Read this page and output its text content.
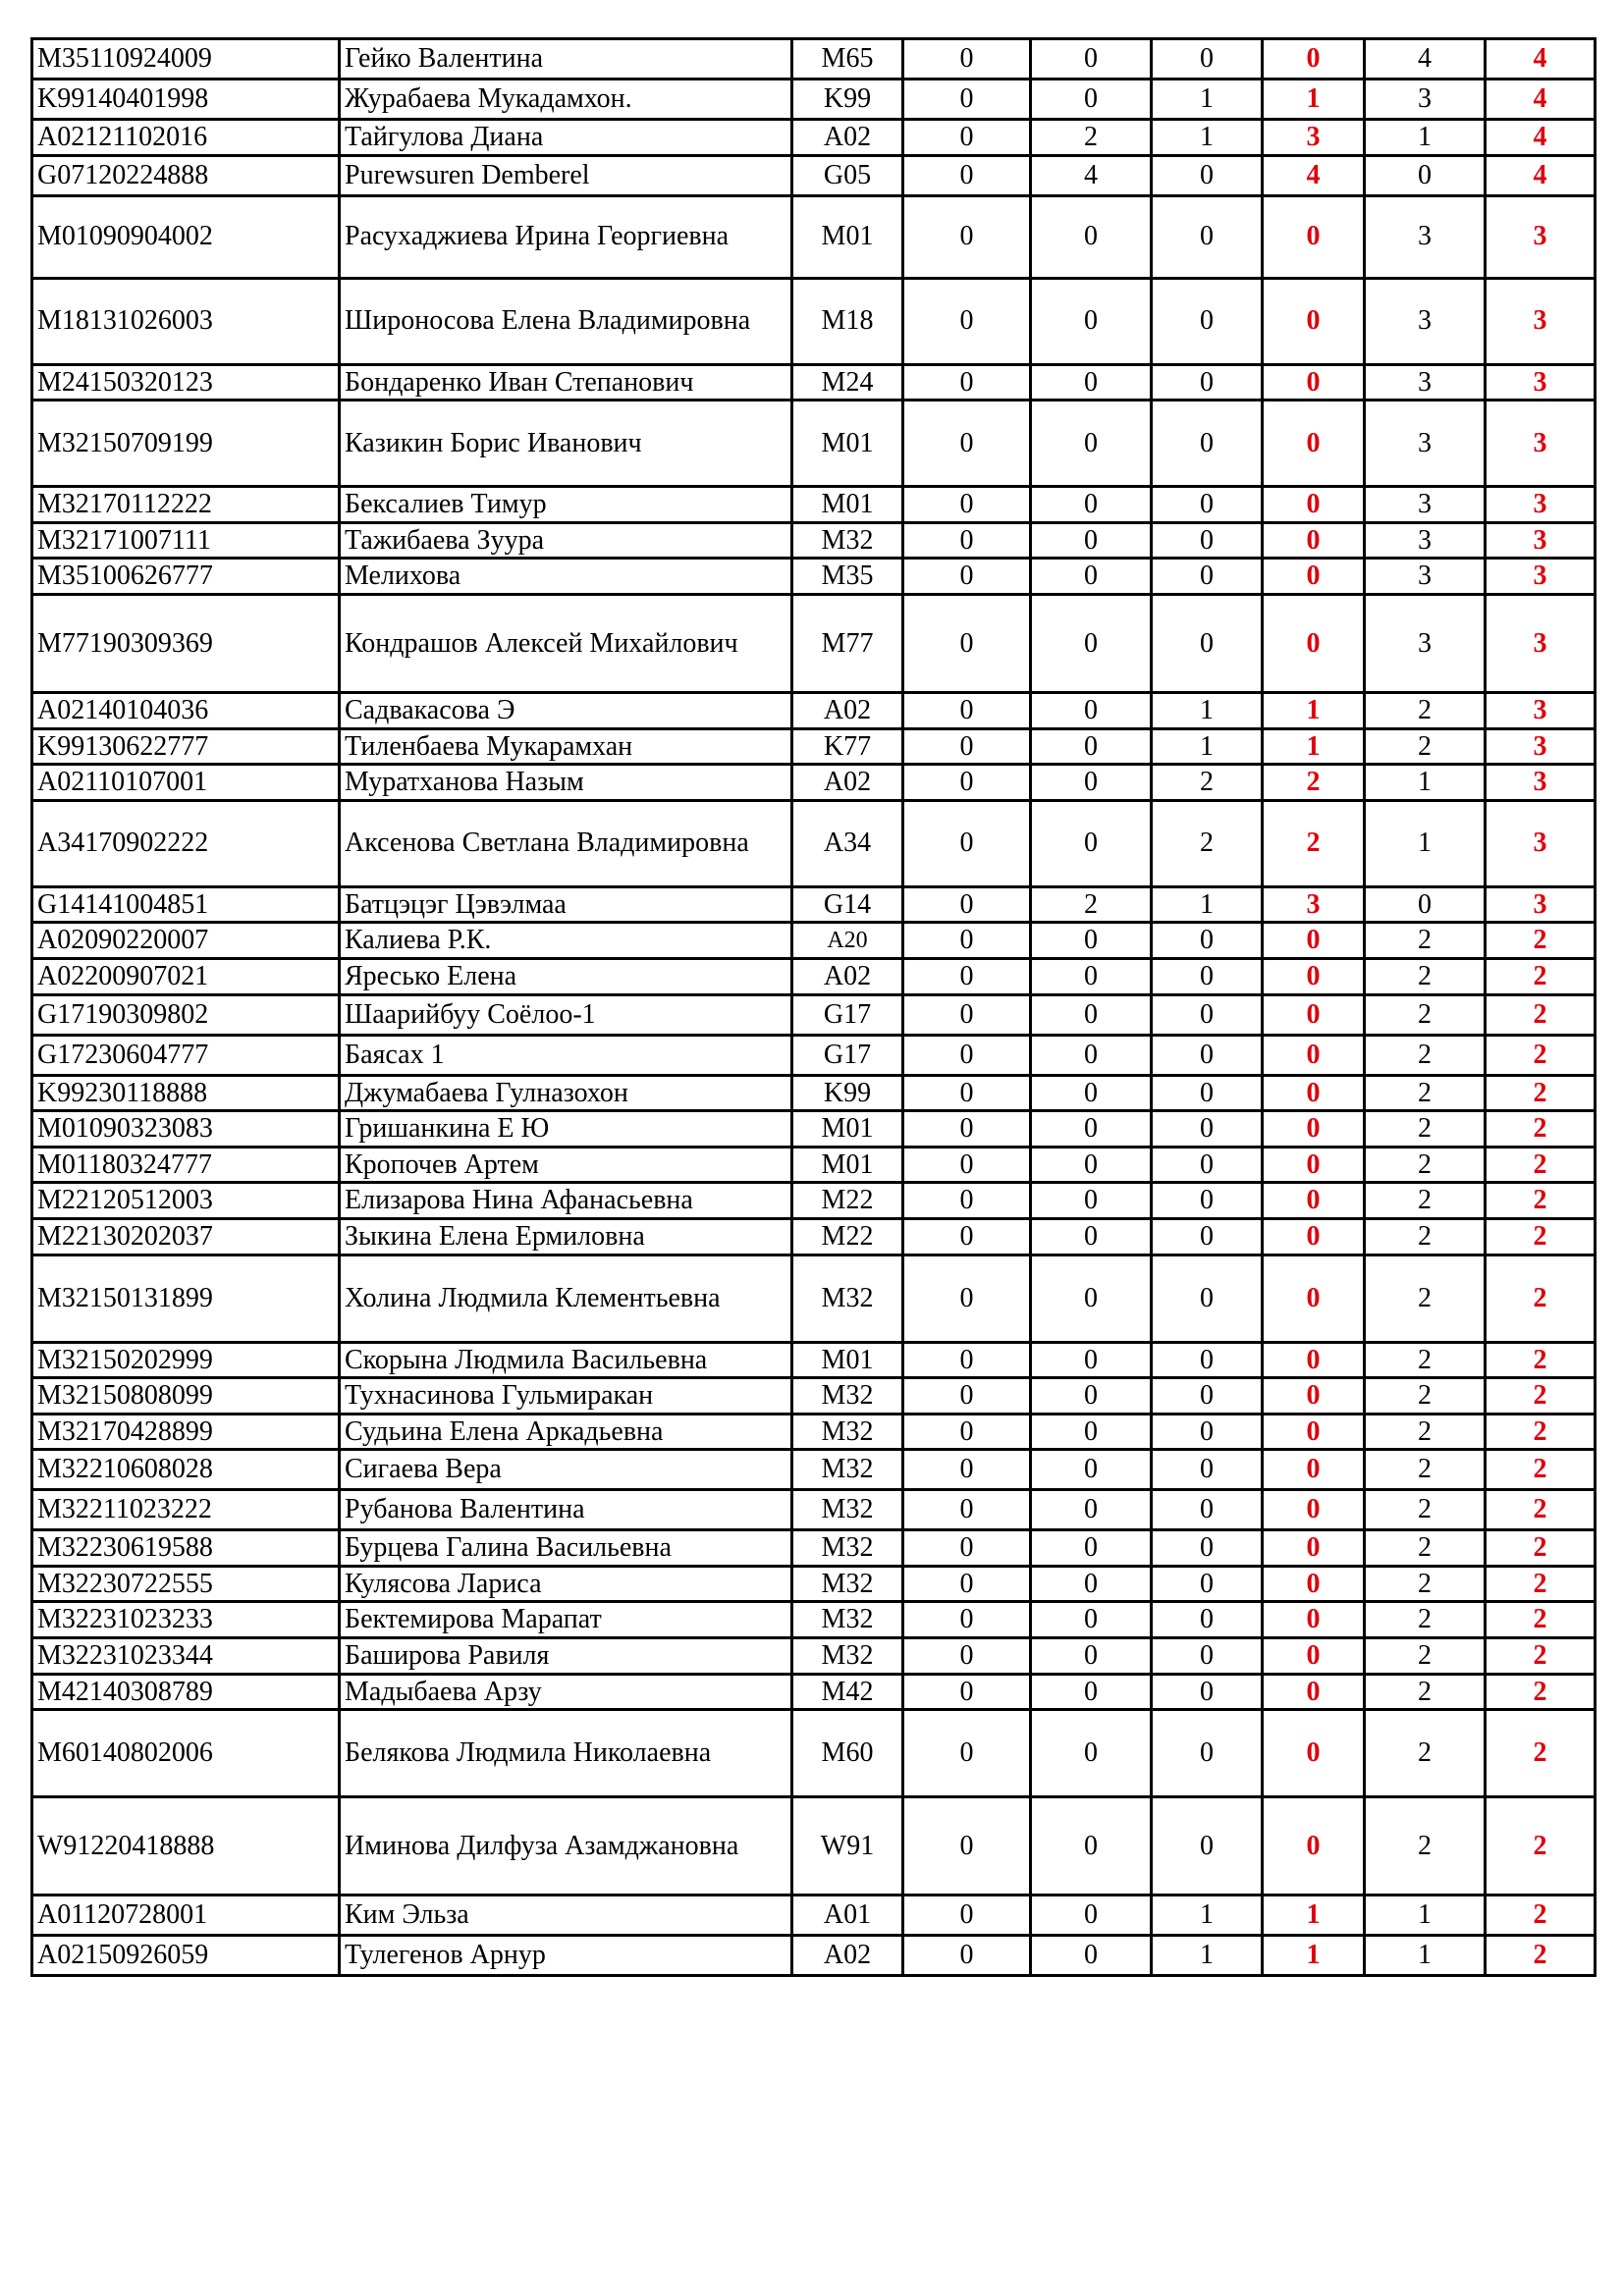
M35110924009	Гейко Валентина	M65	0	0	0	0	4	4
K99140401998	Журабаева Мукадамхон.	K99	0	0	1	1	3	4
A02121102016	Тайгулова Диана	A02	0	2	1	3	1	4
G07120224888	Purewsuren Demberel	G05	0	4	0	4	0	4
M01090904002	Расухаджиева Ирина Георгиевна	M01	0	0	0	0	3	3
M18131026003	Широносова Елена Владимировна	M18	0	0	0	0	3	3
M24150320123	Бондаренко Иван Степанович	M24	0	0	0	0	3	3
M32150709199	Казикин Борис Иванович	M01	0	0	0	0	3	3
M32170112222	Бексалиев Тимур	M01	0	0	0	0	3	3
M32171007111	Тажибаева Зуура	M32	0	0	0	0	3	3
M35100626777	Мелихова	M35	0	0	0	0	3	3
M77190309369	Кондрашов Алексей Михайлович	M77	0	0	0	0	3	3
A02140104036	Садвакасова Э	A02	0	0	1	1	2	3
K99130622777	Тиленбаева Мукарамхан	K77	0	0	1	1	2	3
A02110107001	Муратханова Назым	A02	0	0	2	2	1	3
A34170902222	Аксенова Светлана Владимировна	A34	0	0	2	2	1	3
G14141004851	Батцэцэг Цэвэлмаа	G14	0	2	1	3	0	3
A02090220007	Калиева Р.К.	A20	0	0	0	0	2	2
A02200907021	Яресько Елена	A02	0	0	0	0	2	2
G17190309802	Шаарийбуу Соёлоо-1	G17	0	0	0	0	2	2
G17230604777	Баясах 1	G17	0	0	0	0	2	2
K99230118888	Джумабаева Гулназохон	K99	0	0	0	0	2	2
M01090323083	Гришанкина Е Ю	M01	0	0	0	0	2	2
M01180324777	Кропочев Артем	M01	0	0	0	0	2	2
M22120512003	Елизарова Нина Афанасьевна	M22	0	0	0	0	2	2
M22130202037	Зыкина Елена Ермиловна	M22	0	0	0	0	2	2
M32150131899	Холина Людмила Клементьевна	M32	0	0	0	0	2	2
M32150202999	Скорына Людмила Васильевна	M01	0	0	0	0	2	2
M32150808099	Тухнасинова Гульмиракан	M32	0	0	0	0	2	2
M32170428899	Судьина Елена Аркадьевна	M32	0	0	0	0	2	2
M32210608028	Сигаева Вера	M32	0	0	0	0	2	2
M32211023222	Рубанова Валентина	M32	0	0	0	0	2	2
M32230619588	Бурцева Галина Васильевна	M32	0	0	0	0	2	2
M32230722555	Кулясова Лариса	M32	0	0	0	0	2	2
M32231023233	Бектемирова Марапат	M32	0	0	0	0	2	2
M32231023344	Баширова Равиля	M32	0	0	0	0	2	2
M42140308789	Мадыбаева Арзу	M42	0	0	0	0	2	2
M60140802006	Белякова Людмила Николаевна	M60	0	0	0	0	2	2
W91220418888	Иминова Дилфуза Азамджановна	W91	0	0	0	0	2	2
A01120728001	Ким Эльза	A01	0	0	1	1	1	2
A02150926059	Тулегенов Арнур	A02	0	0	1	1	1	2
